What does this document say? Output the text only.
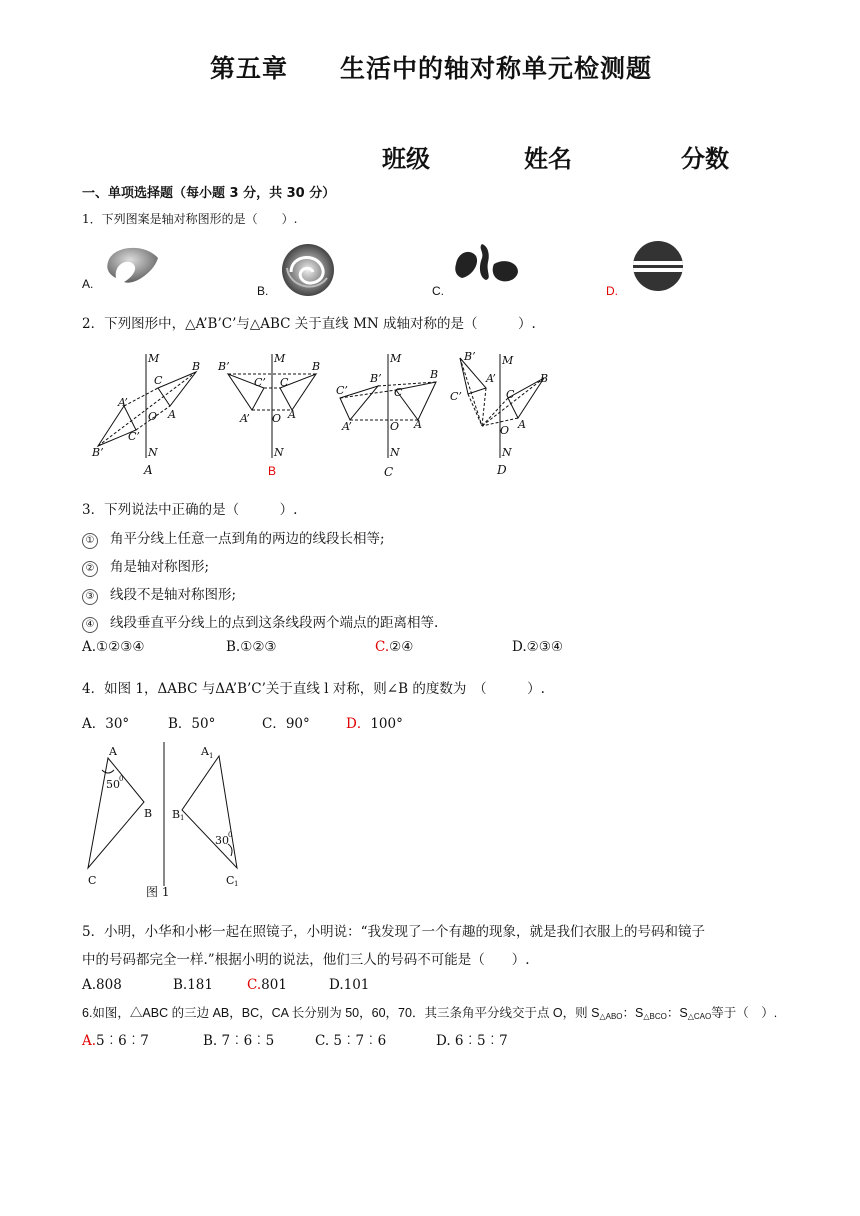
第五章　　生活中的轴对称单元检测题
班级	姓名	分数
一、单项选择题（每小题 3 分，共 30 分）
1．下列图案是轴对称图形的是（　　）.
A.	B.	C.	D.
2．下列图形中，△A’B’C’与△ABC 关于直线 MN 成轴对称的是（　　　）.
M
N
B
C
A
O
A’
C’
B’
M
N
B
B’
C
C’
A
A’ O
M
N
B
B’
C
C’
A
A’	O
M
N
B
B’
C
C’
A
A’
O
A	B	C	D
3．下列说法中正确的是（　　　）.
① 角平分线上任意一点到角的两边的线段长相等;
② 角是轴对称图形;
③ 线段不是轴对称图形;
④ 线段垂直平分线上的点到这条线段两个端点的距离相等.
A.①②③④	B.①②③	C.②④	D.②③④
4．如图 1，ΔABC 与ΔA’B’C’关于直线 l 对称，则∠B 的度数为　（　　　）.
A．30°	B．50°	C．90°	D．100°
A
50 0
B
C
A 1
B 1
30 0
C 1
图 1
5．小明，小华和小彬一起在照镜子，小明说：“我发现了一个有趣的现象，就是我们衣服上的号码和镜子
中的号码都完全一样.”根据小明的说法，他们三人的号码不可能是（　　）.
A.808	B.181	C.801	D.101
6.如图，△ABC 的三边 AB，BC，CA 长分别为 50，60，70．其三条角平分线交于点 O，则 $S_{\triangle ABO}$：$S_{\triangle BCO}$：$S_{\triangle CAO}$等于（　）.
A.5︰6︰7	B. 7︰6︰5	C. 5︰7︰6	D. 6︰5︰7
